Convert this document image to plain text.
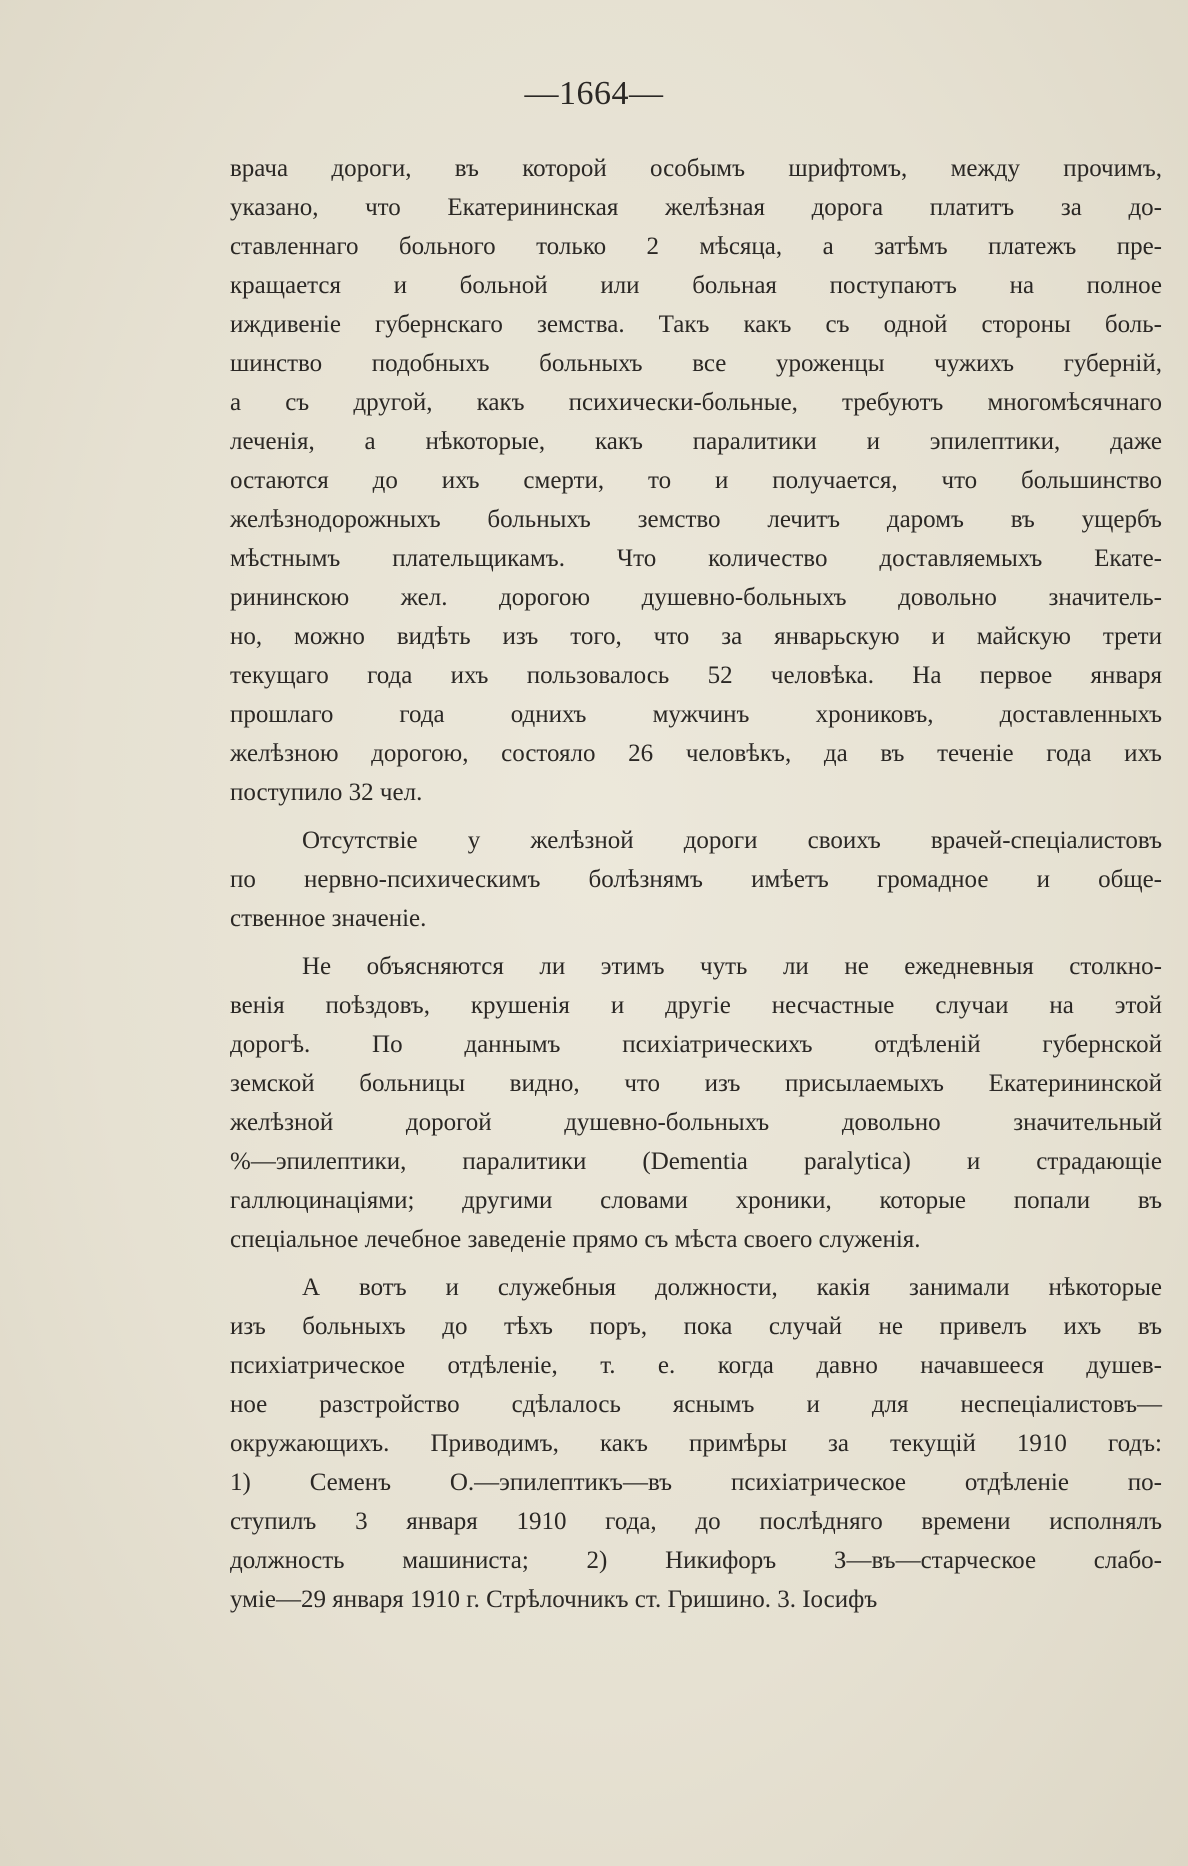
—1664—

врача дороги, въ которой особымъ шрифтомъ, между прочимъ,
указано, что Екатерининская желѣзная дорога платитъ за до-
ставленнаго больного только 2 мѣсяца, а затѣмъ платежъ пре-
кращается и больной или больная поступаютъ на полное
иждивенiе губернскаго земства. Такъ какъ съ одной стороны боль-
шинство подобныхъ больныхъ все уроженцы чужихъ губернiй,
а съ другой, какъ психически-больные, требуютъ многомѣсячнаго
леченiя, а нѣкоторые, какъ паралитики и эпилептики, даже
остаются до ихъ смерти, то и получается, что большинство
желѣзнодорожныхъ больныхъ земство лечитъ даромъ въ ущербъ
мѣстнымъ плательщикамъ. Что количество доставляемыхъ Екате-
рининскою жел. дорогою душевно-больныхъ довольно значитель-
но, можно видѣть изъ того, что за январьскую и майскую трети
текущаго года ихъ пользовалось 52 человѣка. На первое января
прошлаго года однихъ мужчинъ хрониковъ, доставленныхъ
желѣзною дорогою, состояло 26 человѣкъ, да въ теченiе года ихъ
поступило 32 чел.

Отсутствiе у желѣзной дороги своихъ врачей-спецiалистовъ
по нервно-психическимъ болѣзнямъ имѣетъ громадное и обще-
ственное значенiе.

Не объясняются ли этимъ чуть ли не ежедневныя столкно-
венiя поѣздовъ, крушенiя и другiе несчастные случаи на этой
дорогѣ. По даннымъ психiатрическихъ отдѣленiй губернской
земской больницы видно, что изъ присылаемыхъ Екатерининской
желѣзной дорогой душевно-больныхъ довольно значительный
%—эпилептики, паралитики (Dementia paralytica) и страдающiе
галлюцинацiями; другими словами хроники, которые попали въ
спецiальное лечебное заведенiе прямо съ мѣста своего служенiя.

А вотъ и служебныя должности, какiя занимали нѣкоторые
изъ больныхъ до тѣхъ поръ, пока случай не привелъ ихъ въ
психiатрическое отдѣленiе, т. е. когда давно начавшееся душев-
ное разстройство сдѣлалось яснымъ и для неспецiалистовъ—
окружающихъ. Приводимъ, какъ примѣры за текущiй 1910 годъ:
1) Семенъ О.—эпилептикъ—въ психiатрическое отдѣленiе по-
ступилъ 3 января 1910 года, до послѣдняго времени исполнялъ
должность машиниста; 2) Никифоръ З—въ—старческое слабо-
умiе—29 января 1910 г. Стрѣлочникъ ст. Гришино. 3. Iосифъ
